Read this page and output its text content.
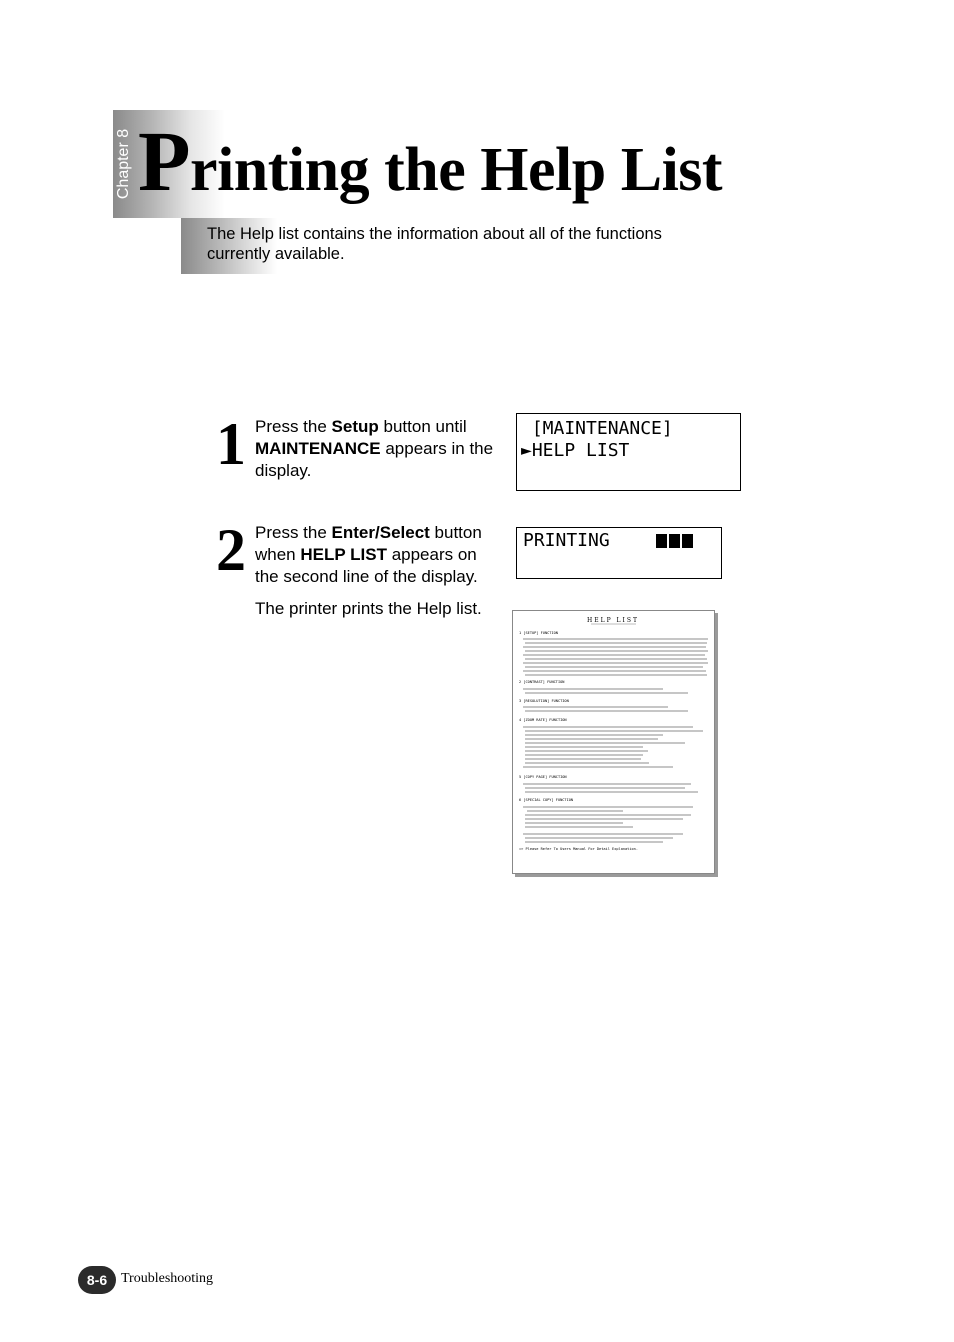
Chapter 8 Printing the Help List
The Help list contains the information about all of the functions currently available.
1 Press the Setup button until MAINTENANCE appears in the display.

[MAINTENANCE]

►HELP LIST

2 Press the Enter/Select button when HELP LIST appears on the second line of the display.

PRINTING

The printer prints the Help list.
HELP LIST
1 [SETUP] FUNCTION
2 [CONTRAST] FUNCTION
3 [RESOLUTION] FUNCTION
4 [ZOOM RATE] FUNCTION
5 [COPY PAGE] FUNCTION
6 [SPECIAL COPY] FUNCTION
=> Please Refer To Users Manual For Detail Explanation.
8-6 Troubleshooting
